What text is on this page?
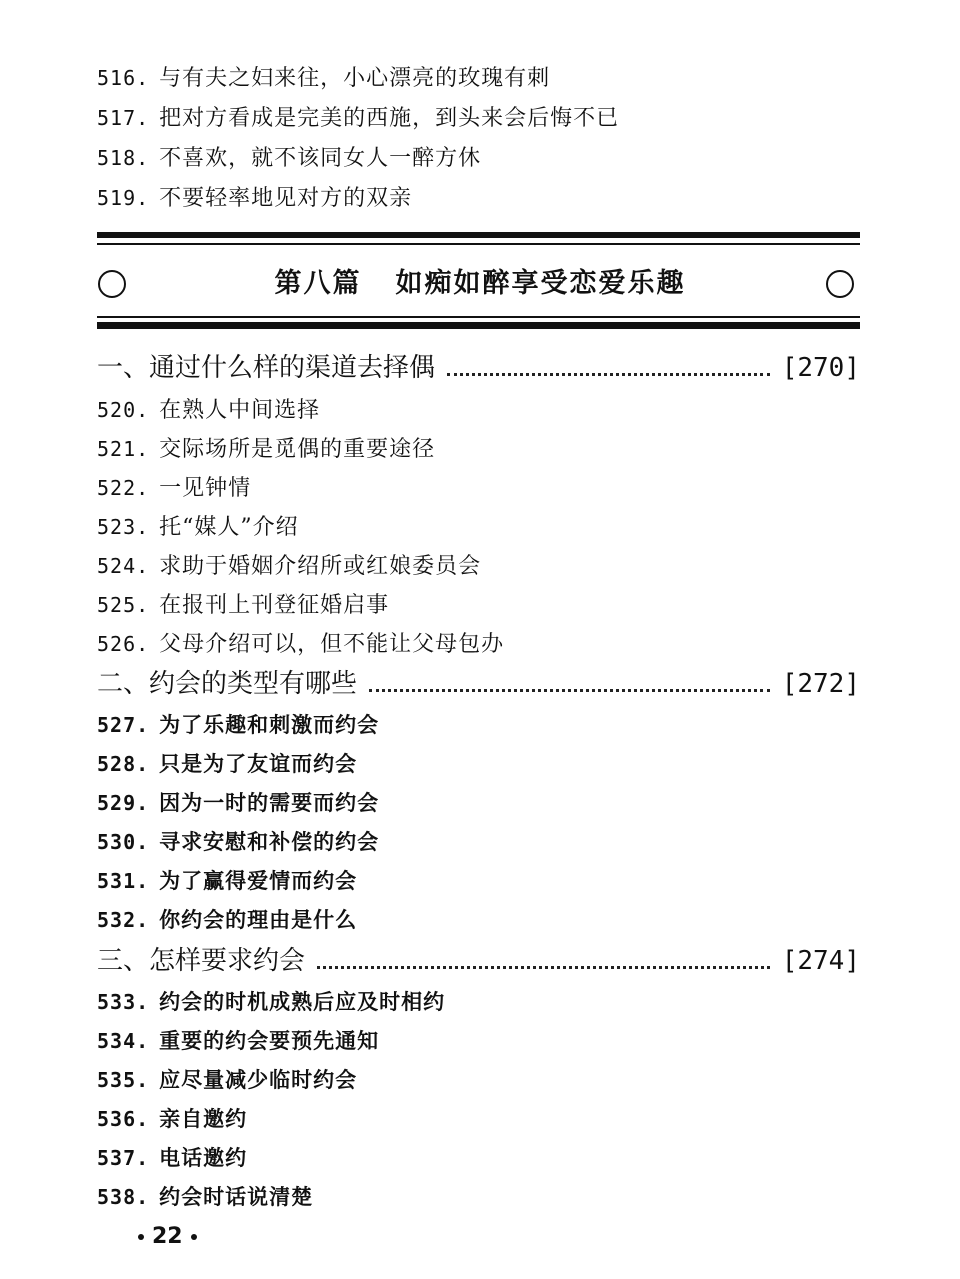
516. 与有夫之妇来往，小心漂亮的玫瑰有刺
517. 把对方看成是完美的西施，到头来会后悔不已
518. 不喜欢，就不该同女人一醉方休
519. 不要轻率地见对方的双亲
第八篇 如痴如醉享受恋爱乐趣
一、通过什么样的渠道去择偶	[270]
520. 在熟人中间选择
521. 交际场所是觅偶的重要途径
522. 一见钟情
523. 托“媒人”介绍
524. 求助于婚姻介绍所或红娘委员会
525. 在报刊上刊登征婚启事
526. 父母介绍可以，但不能让父母包办
二、约会的类型有哪些	[272]
527. 为了乐趣和刺激而约会
528. 只是为了友谊而约会
529. 因为一时的需要而约会
530. 寻求安慰和补偿的约会
531. 为了赢得爱情而约会
532. 你约会的理由是什么
三、怎样要求约会	[274]
533. 约会的时机成熟后应及时相约
534. 重要的约会要预先通知
535. 应尽量减少临时约会
536. 亲自邀约
537. 电话邀约
538. 约会时话说清楚
22
